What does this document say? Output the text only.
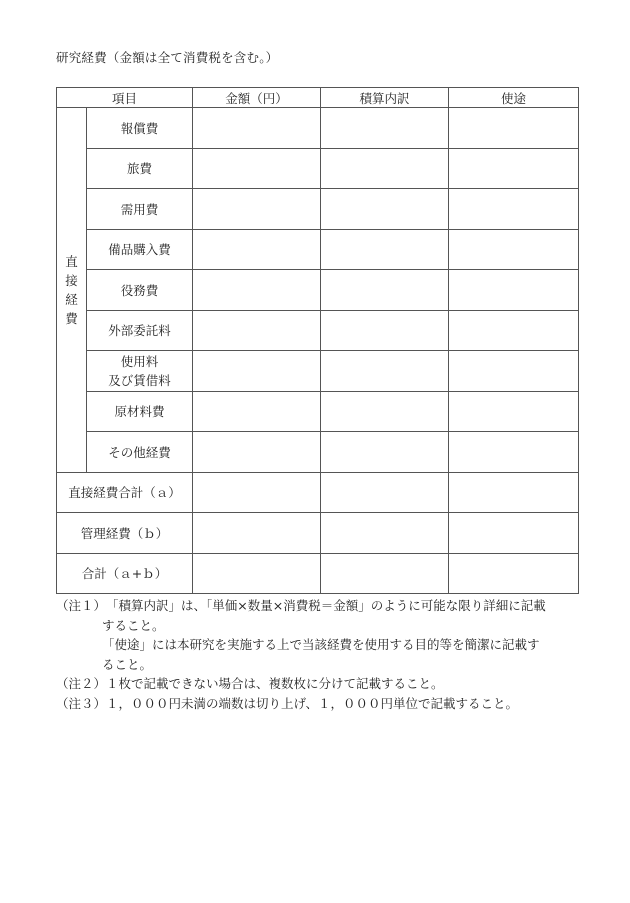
研究経費（金額は全て消費税を含む。）
項目		金額（円）	積算内訳	使途

直
接
経
費	報償費			
	旅費			
	需用費			
	備品購入費			
	役務費			
	外部委託料			

	使用料
及び賃借料			

	原材料費			
	その他経費			
直接経費合計（ａ）				
管理経費（ｂ）				
合計（ａ+ｂ）				
（注１） 「積算内訳」は、「単価×数量×消費税＝金額」のように可能な限り詳細に記載
すること。
「使途」には本研究を実施する上で当該経費を使用する目的等を簡潔に記載す
ること。
（注２） １枚で記載できない場合は、複数枚に分けて記載すること。
（注３） １，０００円未満の端数は切り上げ、１，０００円単位で記載すること。
